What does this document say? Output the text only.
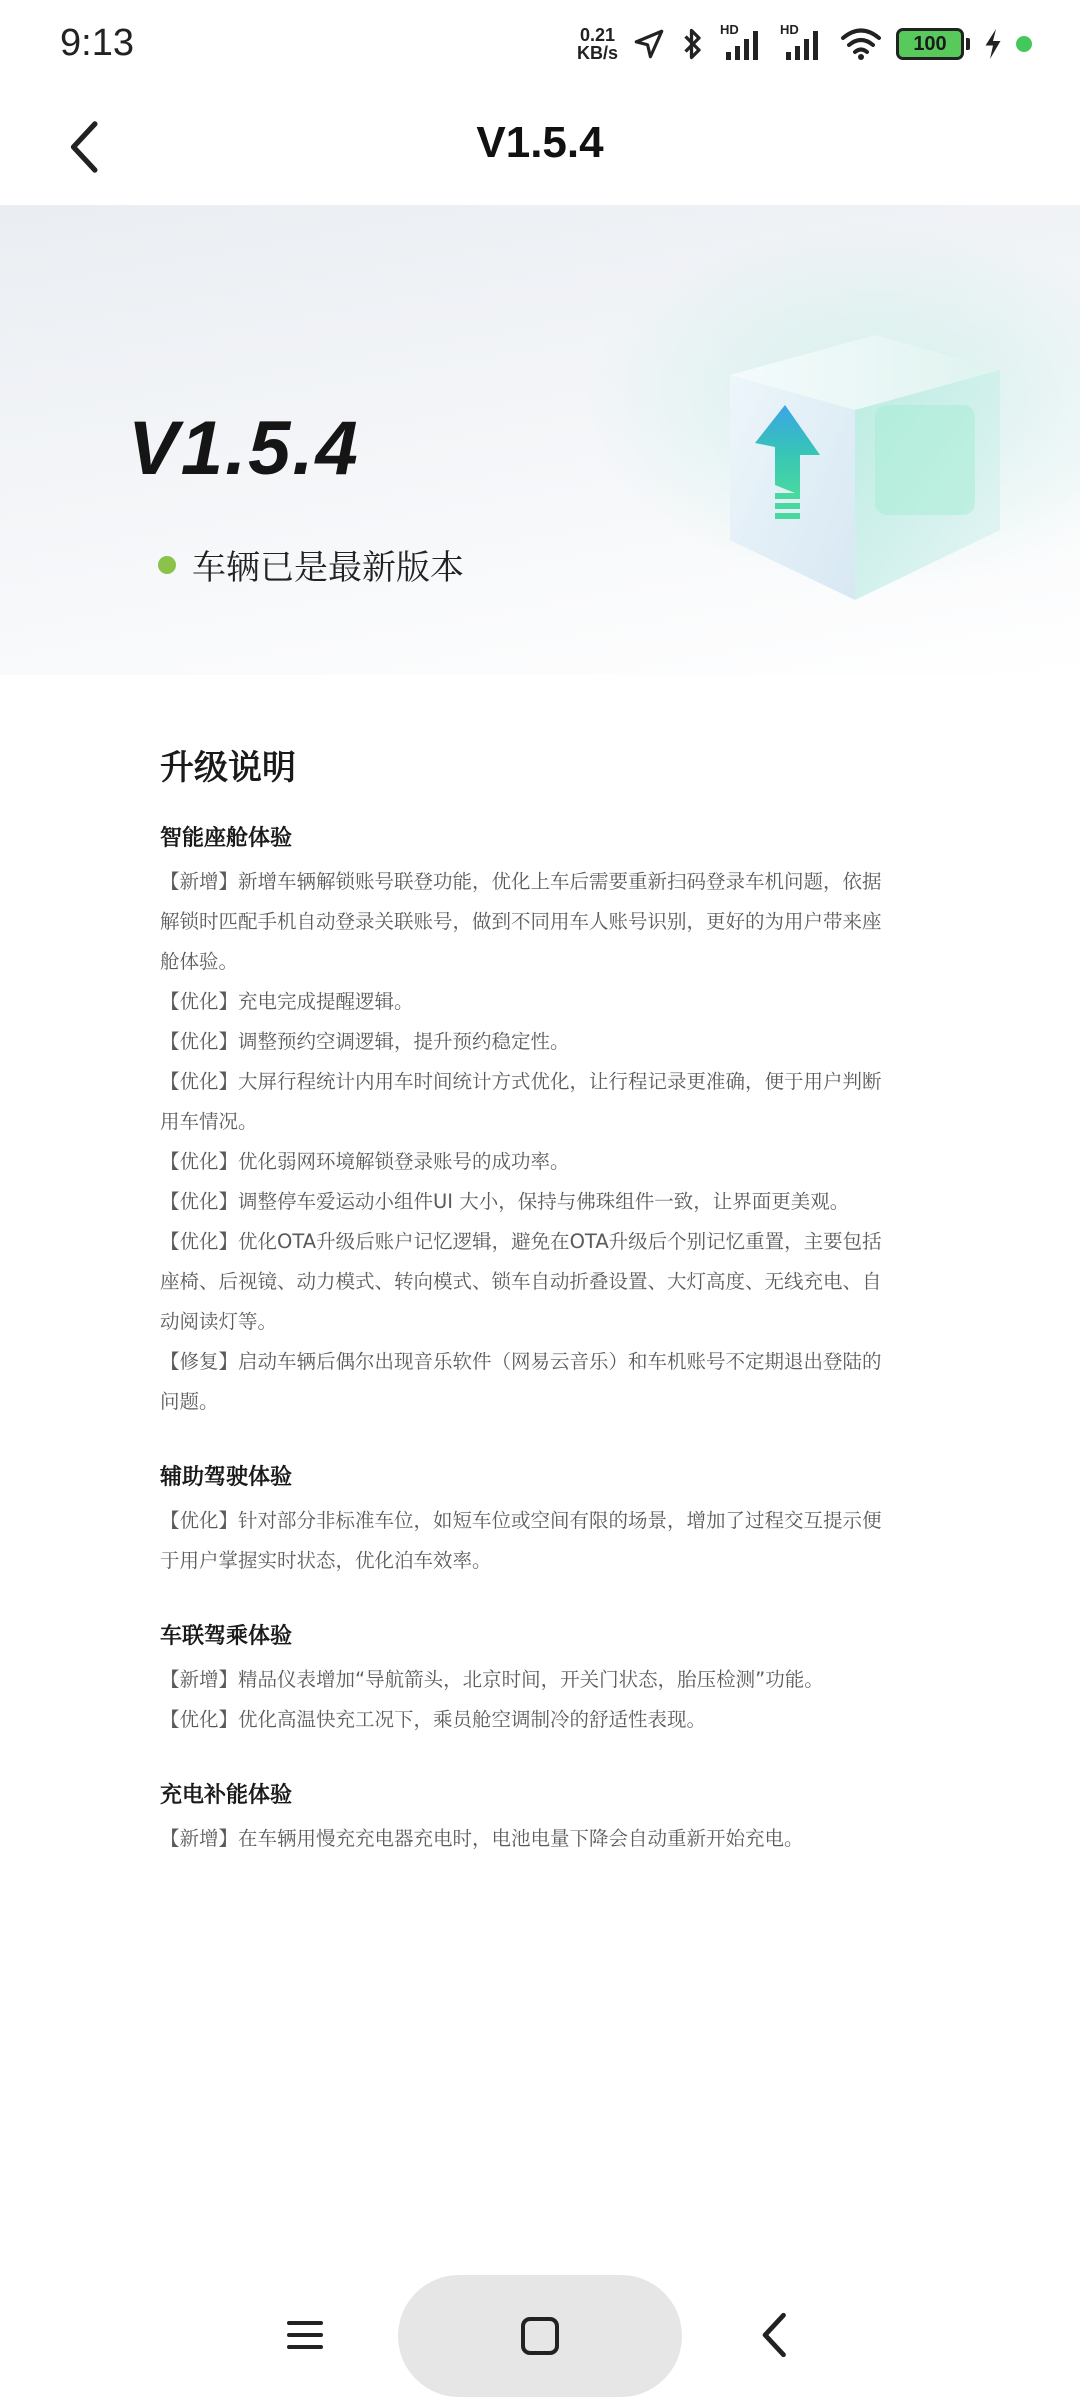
9:13	0.21
KB/s
HD	HD
100
V1.5.4
V1.5.4
车辆已是最新版本
升级说明
智能座舱体验
【新增】新增车辆解锁账号联登功能，优化上车后需要重新扫码登录车机问题，依据解锁时匹配手机自动登录关联账号，做到不同用车人账号识别，更好的为用户带来座舱体验。
【优化】充电完成提醒逻辑。
【优化】调整预约空调逻辑，提升预约稳定性。
【优化】大屏行程统计内用车时间统计方式优化，让行程记录更准确，便于用户判断用车情况。
【优化】优化弱网环境解锁登录账号的成功率。
【优化】调整停车爱运动小组件UI 大小，保持与佛珠组件一致，让界面更美观。
【优化】优化OTA升级后账户记忆逻辑，避免在OTA升级后个别记忆重置，主要包括座椅、后视镜、动力模式、转向模式、锁车自动折叠设置、大灯高度、无线充电、自动阅读灯等。
【修复】启动车辆后偶尔出现音乐软件（网易云音乐）和车机账号不定期退出登陆的问题。
辅助驾驶体验
【优化】针对部分非标准车位，如短车位或空间有限的场景，增加了过程交互提示便于用户掌握实时状态，优化泊车效率。
车联驾乘体验
【新增】精品仪表增加“导航箭头，北京时间，开关门状态，胎压检测”功能。
【优化】优化高温快充工况下，乘员舱空调制冷的舒适性表现。
充电补能体验
【新增】在车辆用慢充充电器充电时，电池电量下降会自动重新开始充电。
